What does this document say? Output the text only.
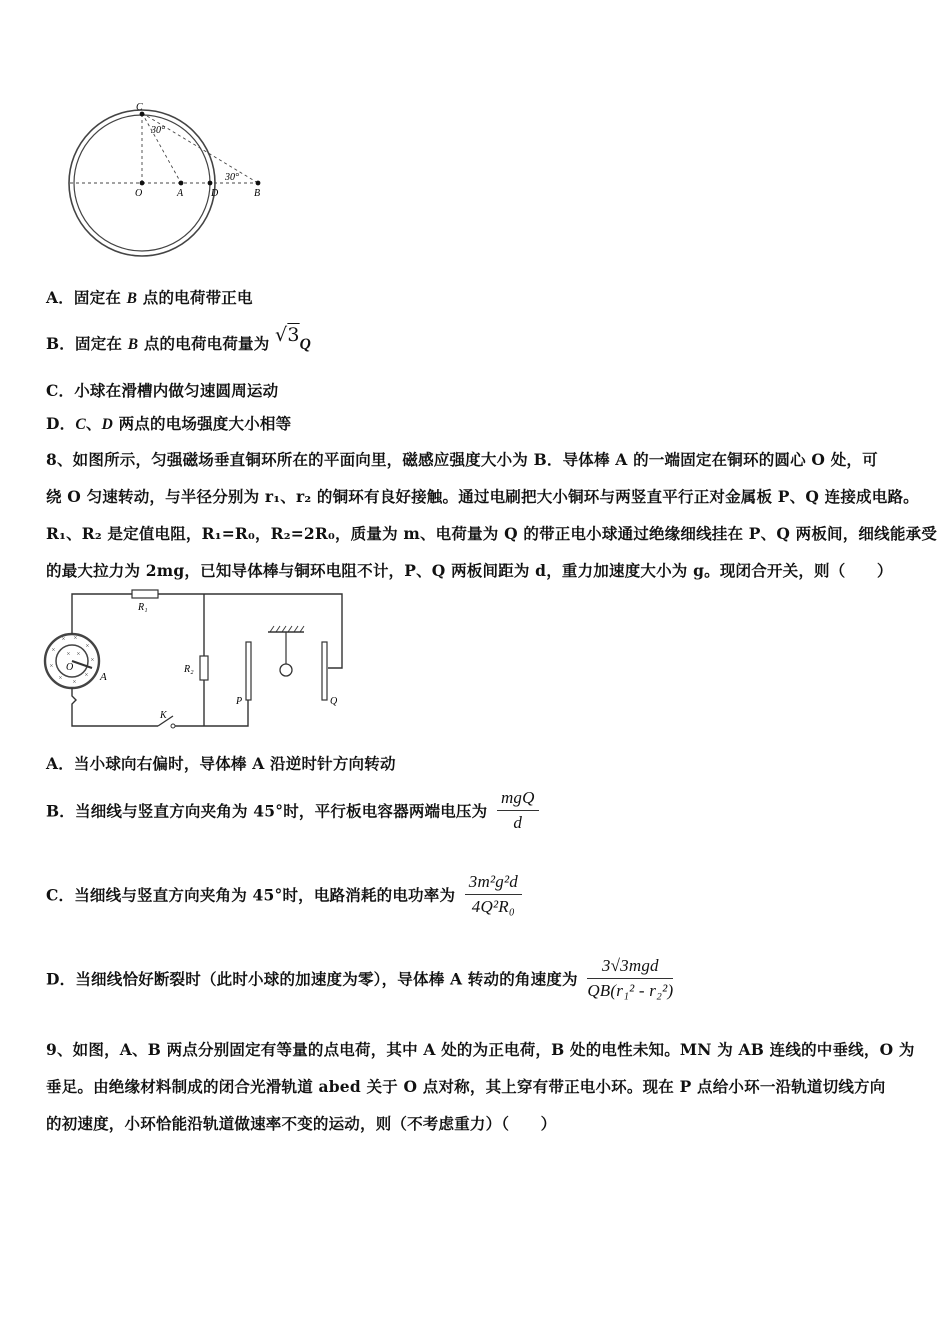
C
30°
30°
O	A	D	B
A．固定在 B 点的电荷带正电
B．固定在 B 点的电荷电荷量为 √3Q
C．小球在滑槽内做匀速圆周运动
D．C、D 两点的电场强度大小相等
8、如图所示，匀强磁场垂直铜环所在的平面向里，磁感应强度大小为 B．导体棒 A 的一端固定在铜环的圆心 O 处，可
绕 O 匀速转动，与半径分别为 r₁、r₂ 的铜环有良好接触。通过电刷把大小铜环与两竖直平行正对金属板 P、Q 连接成电路。
R₁、R₂ 是定值电阻，R₁=R₀，R₂=2R₀，质量为 m、电荷量为 Q 的带正电小球通过绝缘细线挂在 P、Q 两板间，细线能承受
的最大拉力为 2mg，已知导体棒与铜环电阻不计，P、Q 两板间距为 d，重力加速度大小为 g。现闭合开关，则（　　）
×
× ×
×
×
×
×
×
×
× ×
O
A
K
R₁
R₂
P	Q
A．当小球向右偏时，导体棒 A 沿逆时针方向转动
B．当细线与竖直方向夹角为 45°时，平行板电容器两端电压为 $\frac{\text{mgQ}}{d}$
C．当细线与竖直方向夹角为 45°时，电路消耗的电功率为 $\frac{\text{3m²g²d}}{\text{4Q²R₀}}$
D．当细线恰好断裂时（此时小球的加速度为零），导体棒 A 转动的角速度为 $\frac{\text{3√3mgd}}{\text{QB(r₁² - r₂²)}}$
9、如图，A、B 两点分别固定有等量的点电荷，其中 A 处的为正电荷，B 处的电性未知。MN 为 AB 连线的中垂线，O 为
垂足。由绝缘材料制成的闭合光滑轨道 abed 关于 O 点对称，其上穿有带正电小环。现在 P 点给小环一沿轨道切线方向
的初速度，小环恰能沿轨道做速率不变的运动，则（不考虑重力）（　　）
